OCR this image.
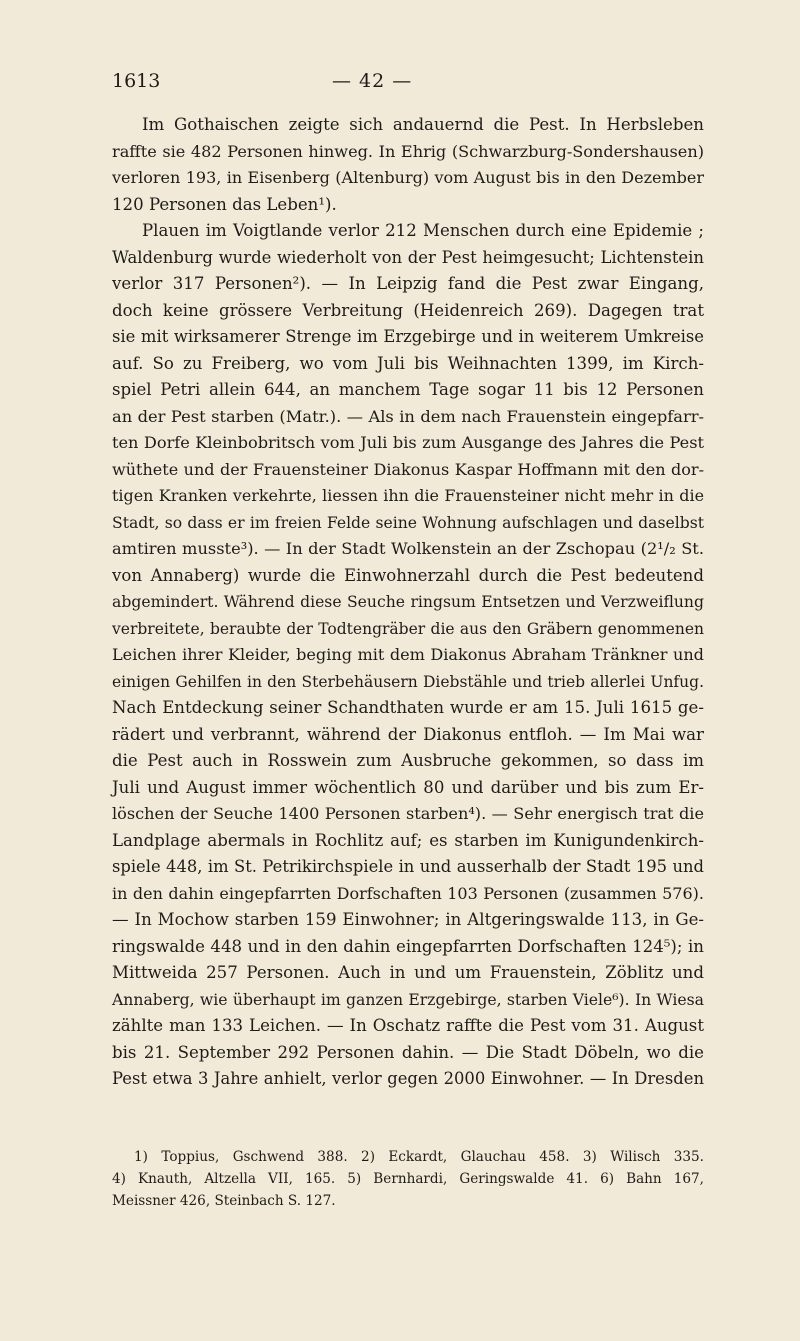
1613	— 42 —
Im Gothaischen zeigte sich andauernd die Pest. In Herbsleben
raffte sie 482 Personen hinweg. In Ehrig (Schwarzburg-Sondershausen)
verloren 193, in Eisenberg (Altenburg) vom August bis in den Dezember
120 Personen das Leben¹).
Plauen im Voigtlande verlor 212 Menschen durch eine Epidemie ;
Waldenburg wurde wiederholt von der Pest heimgesucht; Lichtenstein
verlor 317 Personen²). — In Leipzig fand die Pest zwar Eingang,
doch keine grössere Verbreitung (Heidenreich 269). Dagegen trat
sie mit wirksamerer Strenge im Erzgebirge und in weiterem Umkreise
auf. So zu Freiberg, wo vom Juli bis Weihnachten 1399, im Kirch-
spiel Petri allein 644, an manchem Tage sogar 11 bis 12 Personen
an der Pest starben (Matr.). — Als in dem nach Frauenstein eingepfarr-
ten Dorfe Kleinbobritsch vom Juli bis zum Ausgange des Jahres die Pest
wüthete und der Frauensteiner Diakonus Kaspar Hoffmann mit den dor-
tigen Kranken verkehrte, liessen ihn die Frauensteiner nicht mehr in die
Stadt, so dass er im freien Felde seine Wohnung aufschlagen und daselbst
amtiren musste³). — In der Stadt Wolkenstein an der Zschopau (2¹/₂ St.
von Annaberg) wurde die Einwohnerzahl durch die Pest bedeutend
abgemindert. Während diese Seuche ringsum Entsetzen und Verzweiflung
verbreitete, beraubte der Todtengräber die aus den Gräbern genommenen
Leichen ihrer Kleider, beging mit dem Diakonus Abraham Tränkner und
einigen Gehilfen in den Sterbehäusern Diebstähle und trieb allerlei Unfug.
Nach Entdeckung seiner Schandthaten wurde er am 15. Juli 1615 ge-
rädert und verbrannt, während der Diakonus entfloh. — Im Mai war
die Pest auch in Rosswein zum Ausbruche gekommen, so dass im
Juli und August immer wöchentlich 80 und darüber und bis zum Er-
löschen der Seuche 1400 Personen starben⁴). — Sehr energisch trat die
Landplage abermals in Rochlitz auf; es starben im Kunigundenkirch-
spiele 448, im St. Petrikirchspiele in und ausserhalb der Stadt 195 und
in den dahin eingepfarrten Dorfschaften 103 Personen (zusammen 576).
— In Mochow starben 159 Einwohner; in Altgeringswalde 113, in Ge-
ringswalde 448 und in den dahin eingepfarrten Dorfschaften 124⁵); in
Mittweida 257 Personen. Auch in und um Frauenstein, Zöblitz und
Annaberg, wie überhaupt im ganzen Erzgebirge, starben Viele⁶). In Wiesa
zählte man 133 Leichen. — In Oschatz raffte die Pest vom 31. August
bis 21. September 292 Personen dahin. — Die Stadt Döbeln, wo die
Pest etwa 3 Jahre anhielt, verlor gegen 2000 Einwohner. — In Dresden
1) Toppius, Gschwend 388. 2) Eckardt, Glauchau 458. 3) Wilisch 335.
4) Knauth, Altzella VII, 165. 5) Bernhardi, Geringswalde 41. 6) Bahn 167,
Meissner 426, Steinbach S. 127.
